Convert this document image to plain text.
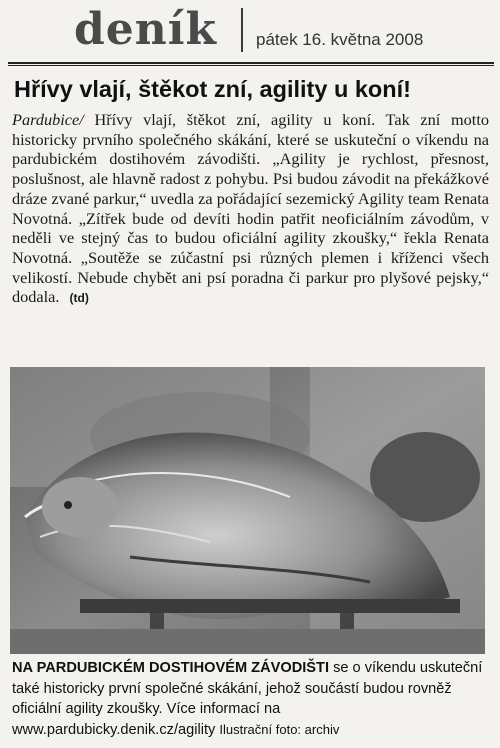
deník pátek 16. května 2008
Hřívy vlají, štěkot zní, agility u koní!
Pardubice/ Hřívy vlají, štěkot zní, agility u koní. Tak zní motto historicky prvního společného skákání, které se uskuteční o víkendu na pardubickém dostihovém závodišti. „Agility je rychlost, přesnost, poslušnost, ale hlavně radost z pohybu. Psi budou závodit na překážkové dráze zvané parkur,“ uvedla za pořádající sezemický Agility team Renata Novotná. „Zítřek bude od devíti hodin patřit neoficiálním závodům, v neděli ve stejný čas to budou oficiální agility zkoušky,“ řekla Renata Novotná. „Soutěže se zúčastní psi různých plemen i kříženci všech velikostí. Nebude chybět ani psí poradna či parkur pro plyšové pejsky,“ dodala. (td)
NA PARDUBICKÉM DOSTIHOVÉM ZÁVODIŠTI se o víkendu uskuteční také historicky první společné skákání, jehož součástí budou rovněž oficiální agility zkoušky. Více informací na www.pardubicky.denik.cz/agility Ilustrační foto: archiv
